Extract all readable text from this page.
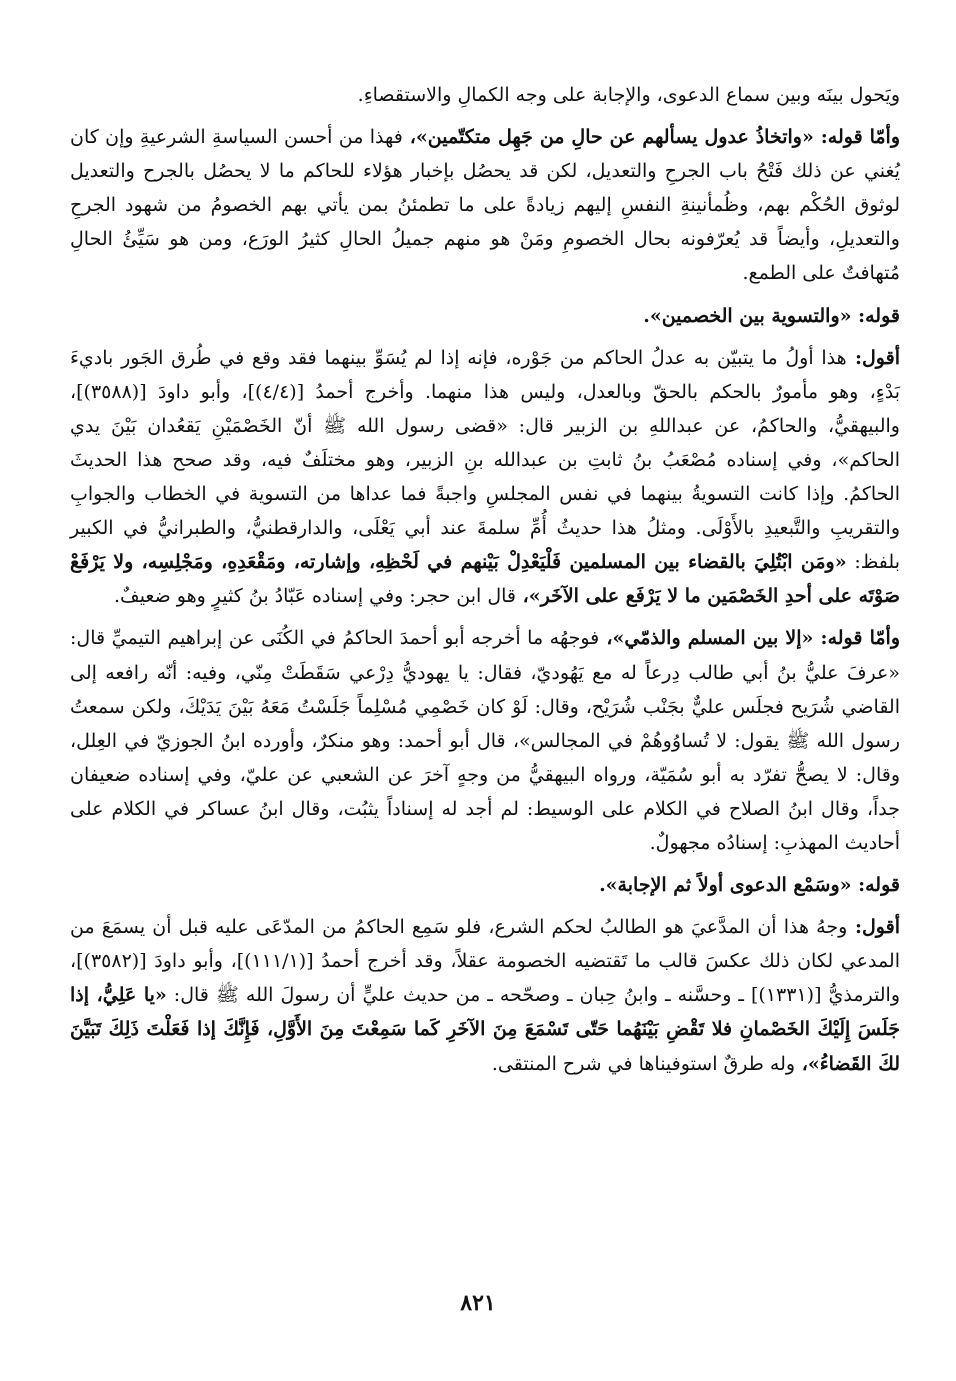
ويَحول بينَه وبين سماع الدعوى، والإجابة على وجه الكمالِ والاستقصاءِ.

وأمّا قوله: «واتخاذُ عدول يسألهم عن حالِ من جَهِل متكتّمين»، فهذا من أحسن السياسةِ الشرعيةِ وإن كان يُغني عن ذلك فَتْحُ باب الجرحِ والتعديل، لكن قد يحصُل بإخبار هؤلاء للحاكم ما لا يحصُل بالجرح والتعديل لوثوق الحُكْم بهم، وظُمأنينةِ النفسِ إليهم زيادةً على ما تطمئنُ بمن يأتي بهم الخصومُ من شهود الجرحِ والتعديلِ، وأيضاً قد يُعرّفونه بحال الخصومِ ومَنْ هو منهم جميلُ الحالِ كثيرُ الورَع، ومن هو سَيِّئُ الحالِ مُتهافتٌ على الطمع.

قوله: «والتسوية بين الخصمين».

أقول: هذا أولُ ما يتبيّن به عدلُ الحاكم من جَوْره، فإنه إذا لم يُسَوِّ بينهما فقد وقع في طُرق الجَور باديءَ بَدْءٍ، وهو مأمورٌ بالحكم بالحقّ وبالعدل، وليس هذا منهما. وأخرج أحمدُ [(٤/٤)]، وأبو داودَ [(٣٥٨٨)]، والبيهقيُّ، والحاكمُ، عن عبداللهِ بن الزبير قال: «قضى رسول الله ﷺ أنّ الخَصْمَيْنِ يَقعُدان بَيْنَ يدي الحاكم»، وفي إسناده مُصْعَبُ بنُ ثابتِ بن عبدالله بنِ الزبير، وهو مختلَفٌ فيه، وقد صحح هذا الحديثَ الحاكمُ. وإذا كانت التسويةُ بينهما في نفس المجلسِ واجبةً فما عداها من التسوية في الخطاب والجوابِ والتقريبِ والتَّبعيدِ بالأَوْلَى. ومثلُ هذا حديثُ أُمِّ سلمةَ عند أبي يَعْلَى، والدارقطنيُّ، والطبرانيُّ في الكبير بلفظ: «ومَن ابْتُلِيَ بالقضاء بين المسلمين فَلْيَعْدِلْ بَيْنهم في لَحْظِهِ، وإشارته، ومَقْعَدِهِ، ومَجْلِسِه، ولا يَرْفَعْ صَوْتَه على أحدِ الخَصْمَين ما لا يَرْفَع على الآخَر»، قال ابن حجر: وفي إسناده عَبّادُ بنُ كثيرٍ وهو ضعيفٌ.

وأمّا قوله: «إلا بين المسلم والذمّي»، فوجهُه ما أخرجه أبو أحمدَ الحاكمُ في الكُنَى عن إبراهيم التيميِّ قال: «عرفَ عليُّ بنُ أبي طالب دِرعاً له مع يَهُوديّ، فقال: يا يهوديُّ دِرْعي سَقَطَتْ مِنّي، وفيه: أنّه رافعه إلى القاضي شُرَيح فجلَس عليٌّ بجَنْب شُرَيْح، وقال: لَوْ كان خَصْمِي مُسْلِماً جَلَسْتُ مَعَهُ بَيْنَ يَدَيْكَ، ولكن سمعتُ رسول الله ﷺ يقول: لا تُساوُوهُمْ في المجالس»، قال أبو أحمد: وهو منكرٌ، وأورده ابنُ الجوزيّ في العِلل، وقال: لا يصحُّ تفرّد به أبو سُمَيّة، ورواه البيهقيُّ من وجهٍ آخرَ عن الشعبي عن عليّ، وفي إسناده ضعيفان جداً، وقال ابنُ الصلاح في الكلام على الوسيط: لم أجد له إسناداً يثبُت، وقال ابنُ عساكر في الكلام على أحاديث المهذبِ: إسنادُه مجهولٌ.

قوله: «وسَمْع الدعوى أولاً ثم الإجابة».

أقول: وجهُ هذا أن المدَّعيَ هو الطالبُ لحكم الشرع، فلو سَمِع الحاكمُ من المدّعَى عليه قبل أن يسمَعَ من المدعي لكان ذلك عكسَ قالب ما تَقتضيه الخصومة عقلاً، وقد أخرج أحمدُ [(١١١/١)]، وأبو داودَ [(٣٥٨٢)]، والترمذيُّ [(١٣٣١)] ـ وحسَّنه ـ وابنُ حِبان ـ وصحّحه ـ من حديث عليٍّ أن رسولَ الله ﷺ قال: «يا عَلِيُّ، إذا جَلَسَ إِلَيْكَ الخَصْمانِ فلا تَقْضِ بَيْنَهُما حَتّى تَسْمَعَ مِنَ الآخَرِ كَما سَمِعْتَ مِنَ الأَوَّلِ، فَإِنَّكَ إذا فَعَلْتَ ذَلِكَ تَبَيَّنَ لكَ القَضاءُ»، وله طرقٌ استوفيناها في شرح المنتقى.

٨٢١
